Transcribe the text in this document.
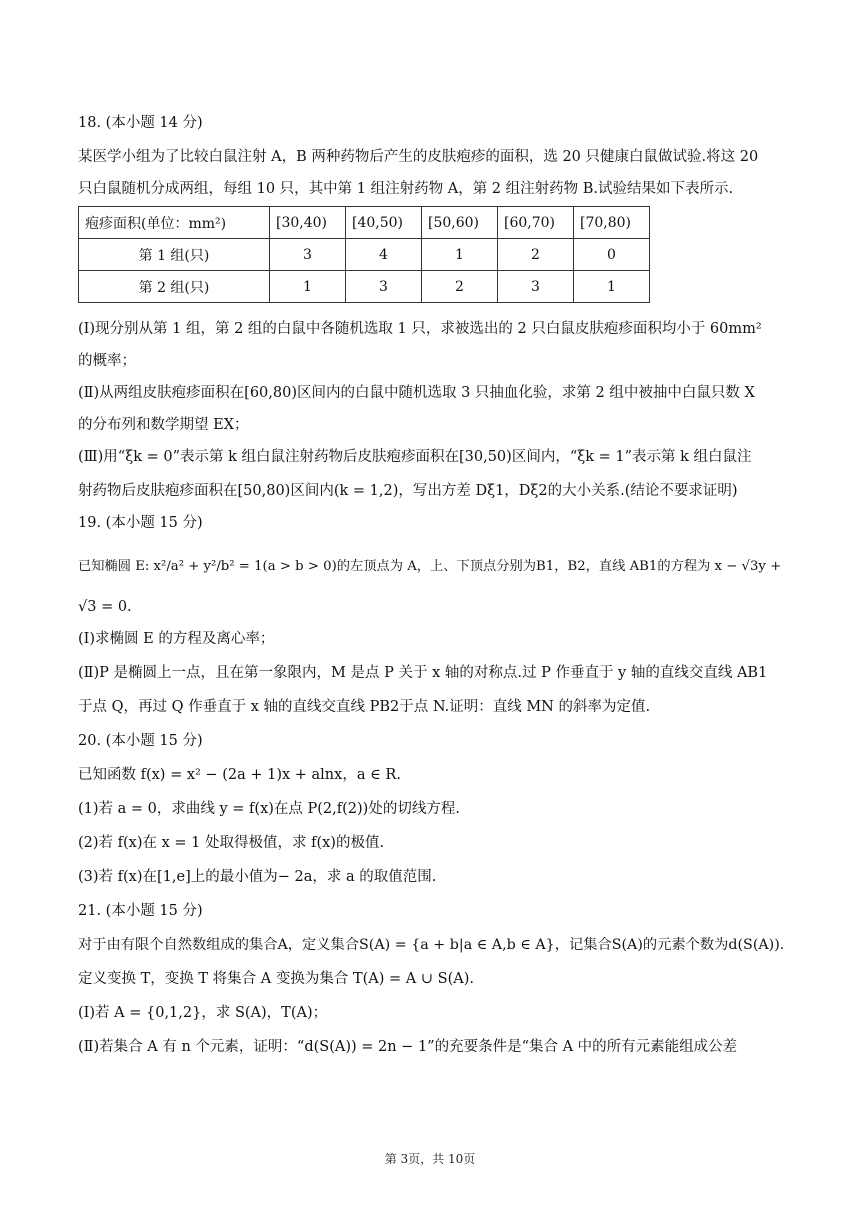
18. (本小题 14 分)
某医学小组为了比较白鼠注射 A，B 两种药物后产生的皮肤疱疹的面积，选 20 只健康白鼠做试验.将这 20
只白鼠随机分成两组，每组 10 只，其中第 1 组注射药物 A，第 2 组注射药物 B.试验结果如下表所示.
疱疹面积(单位：mm²)	[30,40)	[40,50)	[50,60)	[60,70)	[70,80)
第 1 组(只)	3	4	1	2	0
第 2 组(只)	1	3	2	3	1
(Ⅰ)现分别从第 1 组，第 2 组的白鼠中各随机选取 1 只，求被选出的 2 只白鼠皮肤疱疹面积均小于 60mm²
的概率；
(Ⅱ)从两组皮肤疱疹面积在[60,80)区间内的白鼠中随机选取 3 只抽血化验，求第 2 组中被抽中白鼠只数 X
的分布列和数学期望 EX；
(Ⅲ)用“ξk = 0”表示第 k 组白鼠注射药物后皮肤疱疹面积在[30,50)区间内，“ξk = 1”表示第 k 组白鼠注
射药物后皮肤疱疹面积在[50,80)区间内(k = 1,2)，写出方差 Dξ1，Dξ2的大小关系.(结论不要求证明)
19. (本小题 15 分)
已知椭圆 E: x²/a² + y²/b² = 1(a > b > 0)的左顶点为 A，上、下顶点分别为B1，B2，直线 AB1的方程为 x − √3y +
√3 = 0.
(Ⅰ)求椭圆 E 的方程及离心率；
(Ⅱ)P 是椭圆上一点，且在第一象限内，M 是点 P 关于 x 轴的对称点.过 P 作垂直于 y 轴的直线交直线 AB1
于点 Q，再过 Q 作垂直于 x 轴的直线交直线 PB2于点 N.证明：直线 MN 的斜率为定值.
20. (本小题 15 分)
已知函数 f(x) = x² − (2a + 1)x + alnx，a ∈ R.
(1)若 a = 0，求曲线 y = f(x)在点 P(2,f(2))处的切线方程.
(2)若 f(x)在 x = 1 处取得极值，求 f(x)的极值.
(3)若 f(x)在[1,e]上的最小值为− 2a，求 a 的取值范围.
21. (本小题 15 分)
对于由有限个自然数组成的集合A，定义集合S(A) = {a + b|a ∈ A,b ∈ A}，记集合S(A)的元素个数为d(S(A)).
定义变换 T，变换 T 将集合 A 变换为集合 T(A) = A ∪ S(A).
(Ⅰ)若 A = {0,1,2}，求 S(A)，T(A)；
(Ⅱ)若集合 A 有 n 个元素，证明：“d(S(A)) = 2n − 1”的充要条件是“集合 A 中的所有元素能组成公差
第 3页，共 10页
